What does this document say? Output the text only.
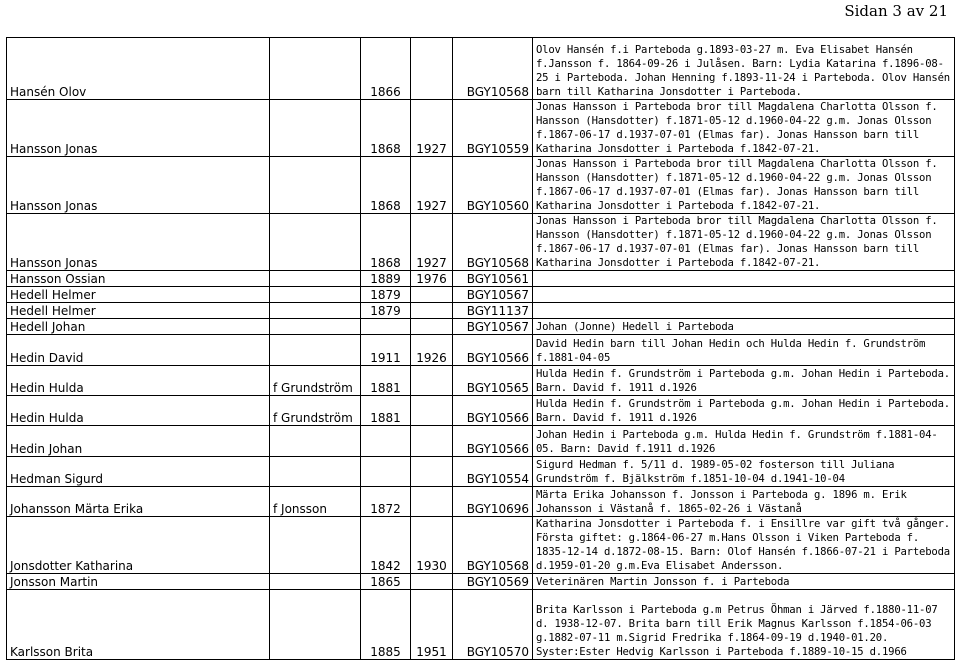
Sidan 3 av 21
Hansén Olov		1866		BGY10568	Olov Hansén f.i Parteboda g.1893-03-27 m. Eva Elisabet Hansén f.Jansson f. 1864-09-26 i Julåsen. Barn: Lydia Katarina f.1896-08-25 i Parteboda. Johan Henning f.1893-11-24 i Parteboda. Olov Hansén barn till Katharina Jonsdotter i Parteboda.
Hansson Jonas		1868	1927	BGY10559	Jonas Hansson i Parteboda bror till Magdalena Charlotta Olsson f. Hansson (Hansdotter) f.1871-05-12 d.1960-04-22 g.m. Jonas Olsson f.1867-06-17 d.1937-07-01 (Elmas far). Jonas Hansson barn till Katharina Jonsdotter i Parteboda f.1842-07-21.
Hansson Jonas		1868	1927	BGY10560	Jonas Hansson i Parteboda bror till Magdalena Charlotta Olsson f. Hansson (Hansdotter) f.1871-05-12 d.1960-04-22 g.m. Jonas Olsson f.1867-06-17 d.1937-07-01 (Elmas far). Jonas Hansson barn till Katharina Jonsdotter i Parteboda f.1842-07-21.
Hansson Jonas		1868	1927	BGY10568	Jonas Hansson i Parteboda bror till Magdalena Charlotta Olsson f. Hansson (Hansdotter) f.1871-05-12 d.1960-04-22 g.m. Jonas Olsson f.1867-06-17 d.1937-07-01 (Elmas far). Jonas Hansson barn till Katharina Jonsdotter i Parteboda f.1842-07-21.
Hansson Ossian		1889	1976	BGY10561	
Hedell Helmer		1879		BGY10567	
Hedell Helmer		1879		BGY11137	
Hedell Johan				BGY10567	Johan (Jonne) Hedell i Parteboda
Hedin David		1911	1926	BGY10566	David Hedin barn till Johan Hedin och Hulda Hedin f. Grundström f.1881-04-05
Hedin Hulda	f Grundström	1881		BGY10565	Hulda Hedin f. Grundström i Parteboda g.m. Johan Hedin i Parteboda. Barn. David f. 1911 d.1926
Hedin Hulda	f Grundström	1881		BGY10566	Hulda Hedin f. Grundström i Parteboda g.m. Johan Hedin i Parteboda. Barn. David f. 1911 d.1926
Hedin Johan				BGY10566	Johan Hedin i Parteboda g.m. Hulda Hedin f. Grundström f.1881-04-05. Barn: David f.1911 d.1926
Hedman Sigurd				BGY10554	Sigurd Hedman f. 5/11 d. 1989-05-02 fosterson till Juliana Grundström f. Bjälkström f.1851-10-04 d.1941-10-04
Johansson Märta Erika	f Jonsson	1872		BGY10696	Märta Erika Johansson f. Jonsson i Parteboda g. 1896 m. Erik Johansson i Västanå f. 1865-02-26 i Västanå
Jonsdotter Katharina		1842	1930	BGY10568	Katharina Jonsdotter i Parteboda f. i Ensillre var gift två gånger. Första giftet: g.1864-06-27 m.Hans Olsson i Viken Parteboda f. 1835-12-14 d.1872-08-15. Barn: Olof Hansén f.1866-07-21 i Parteboda d.1959-01-20 g.m.Eva Elisabet Andersson.
Jonsson Martin		1865		BGY10569	Veterinären Martin Jonsson f. i Parteboda
Karlsson Brita		1885	1951	BGY10570	Brita Karlsson i Parteboda g.m Petrus Öhman i Järved f.1880-11-07 d. 1938-12-07. Brita barn till Erik Magnus Karlsson f.1854-06-03 g.1882-07-11 m.Sigrid Fredrika f.1864-09-19 d.1940-01.20. Syster:Ester Hedvig Karlsson i Parteboda f.1889-10-15 d.1966
